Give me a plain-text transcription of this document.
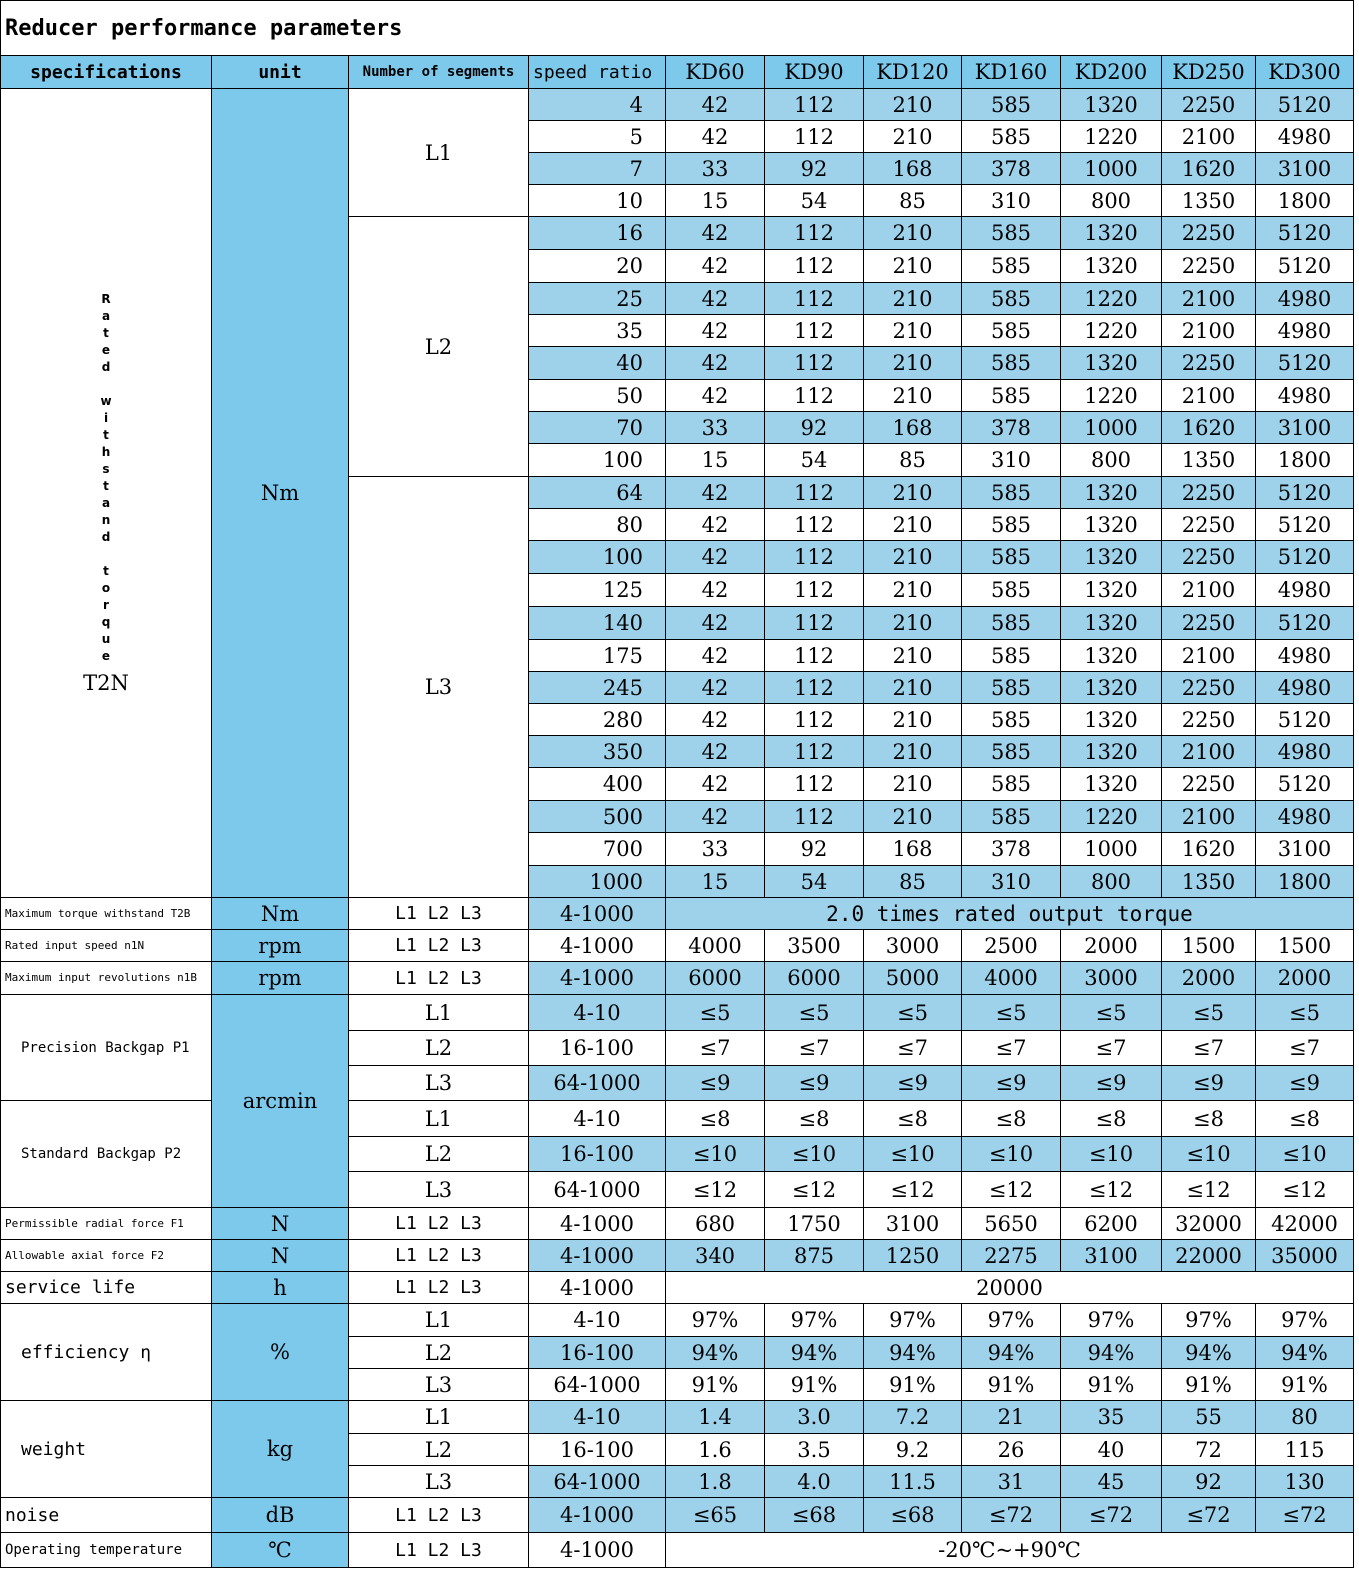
Reducer performance parameters
specifications	unit	Number of segments	speed ratio	KD60	KD90	KD120	KD160	KD200	KD250	KD300
R
a
t
e
d

w
i
t
h
s
t
a
n
d

t
o
r
q
u
e
T2N
Nm
L1
4	42	112	210	585	1320	2250	5120
5	42	112	210	585	1220	2100	4980
7	33	92	168	378	1000	1620	3100
10	15	54	85	310	800	1350	1800
L2
16	42	112	210	585	1320	2250	5120
20	42	112	210	585	1320	2250	5120
25	42	112	210	585	1220	2100	4980
35	42	112	210	585	1220	2100	4980
40	42	112	210	585	1320	2250	5120
50	42	112	210	585	1220	2100	4980
70	33	92	168	378	1000	1620	3100
100	15	54	85	310	800	1350	1800
L3
64	42	112	210	585	1320	2250	5120
80	42	112	210	585	1320	2250	5120
100	42	112	210	585	1320	2250	5120
125	42	112	210	585	1320	2100	4980
140	42	112	210	585	1320	2250	5120
175	42	112	210	585	1320	2100	4980
245	42	112	210	585	1320	2250	4980
280	42	112	210	585	1320	2250	5120
350	42	112	210	585	1320	2100	4980
400	42	112	210	585	1320	2250	5120
500	42	112	210	585	1220	2100	4980
700	33	92	168	378	1000	1620	3100
1000	15	54	85	310	800	1350	1800
Maximum torque withstand T2B	Nm	L1 L2 L3	4-1000	2.0 times rated output torque
Rated input speed n1N	rpm	L1 L2 L3	4-1000	4000	3500	3000	2500	2000	1500	1500
Maximum input revolutions n1B	rpm	L1 L2 L3	4-1000	6000	6000	5000	4000	3000	2000	2000
arcmin
Precision Backgap P1
L1	4-10	≤5	≤5	≤5	≤5	≤5	≤5	≤5
L2	16-100	≤7	≤7	≤7	≤7	≤7	≤7	≤7
L3	64-1000	≤9	≤9	≤9	≤9	≤9	≤9	≤9
Standard Backgap P2
L1	4-10	≤8	≤8	≤8	≤8	≤8	≤8	≤8
L2	16-100	≤10	≤10	≤10	≤10	≤10	≤10	≤10
L3	64-1000	≤12	≤12	≤12	≤12	≤12	≤12	≤12
Permissible radial force F1	N	L1 L2 L3	4-1000	680	1750	3100	5650	6200	32000	42000
Allowable axial force F2	N	L1 L2 L3	4-1000	340	875	1250	2275	3100	22000	35000
service life	h	L1 L2 L3	4-1000	20000
%
efficiency η
L1	4-10	97%	97%	97%	97%	97%	97%	97%
L2	16-100	94%	94%	94%	94%	94%	94%	94%
L3	64-1000	91%	91%	91%	91%	91%	91%	91%
kg
weight
L1	4-10	1.4	3.0	7.2	21	35	55	80
L2	16-100	1.6	3.5	9.2	26	40	72	115
L3	64-1000	1.8	4.0	11.5	31	45	92	130
noise	dB	L1 L2 L3	4-1000	≤65	≤68	≤68	≤72	≤72	≤72	≤72
Operating temperature	℃	L1 L2 L3	4-1000	-20℃~+90℃
